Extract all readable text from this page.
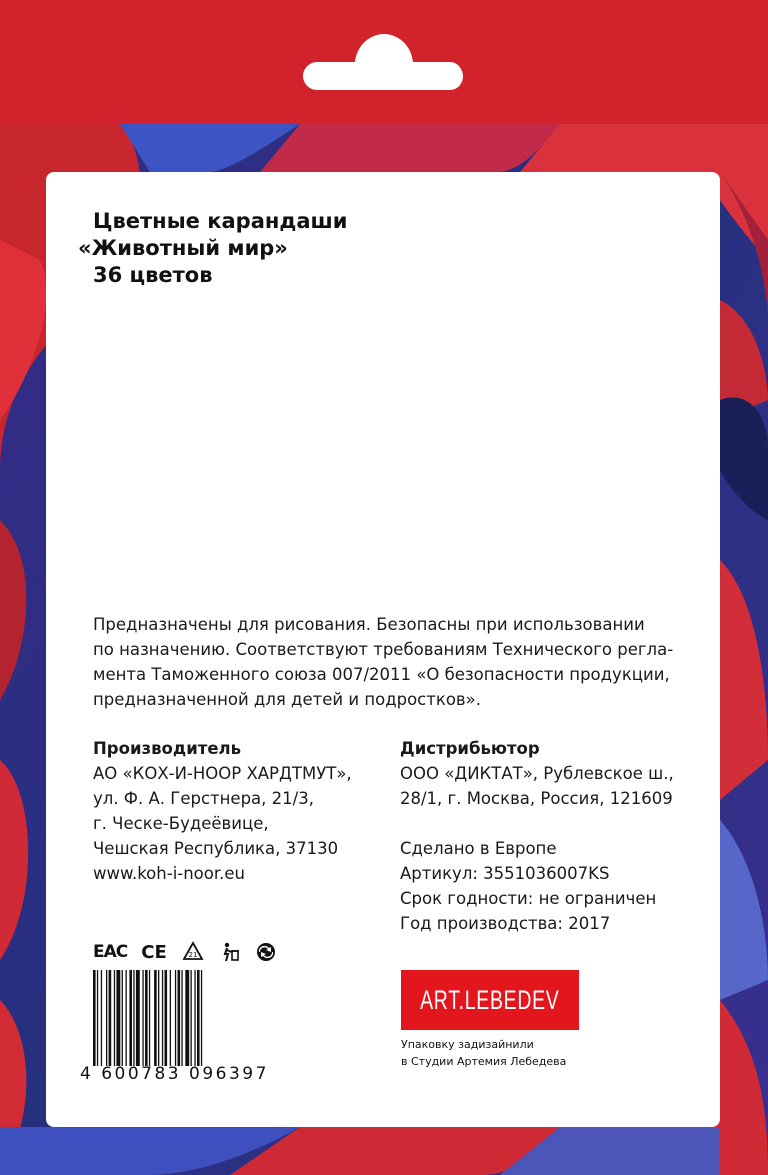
Цветные карандаши
«Животный мир»
36 цветов
Предназначены для рисования. Безопасны при использовании
по назначению. Соответствуют требованиям Технического регла-
мента Таможенного союза 007/2011 «О безопасности продукции,
предназначенной для детей и подростков».
Производитель
АО «КОХ-И-НООР ХАРДТМУТ»,
ул. Ф. А. Герстнера, 21/3,
г. Ческе-Будеёвице,
Чешская Республика, 37130
www.koh-i-noor.eu
Дистрибьютор
ООО «ДИКТАТ», Рублевское ш.,
28/1, г. Москва, Россия, 121609
Сделано в Европе
Артикул: 3551036007KS
Срок годности: не ограничен
Год производства: 2017
EAC CE	21
4 600783 096397
ART.LEBEDEV
Упаковку задизайнили
в Студии Артемия Лебедева
